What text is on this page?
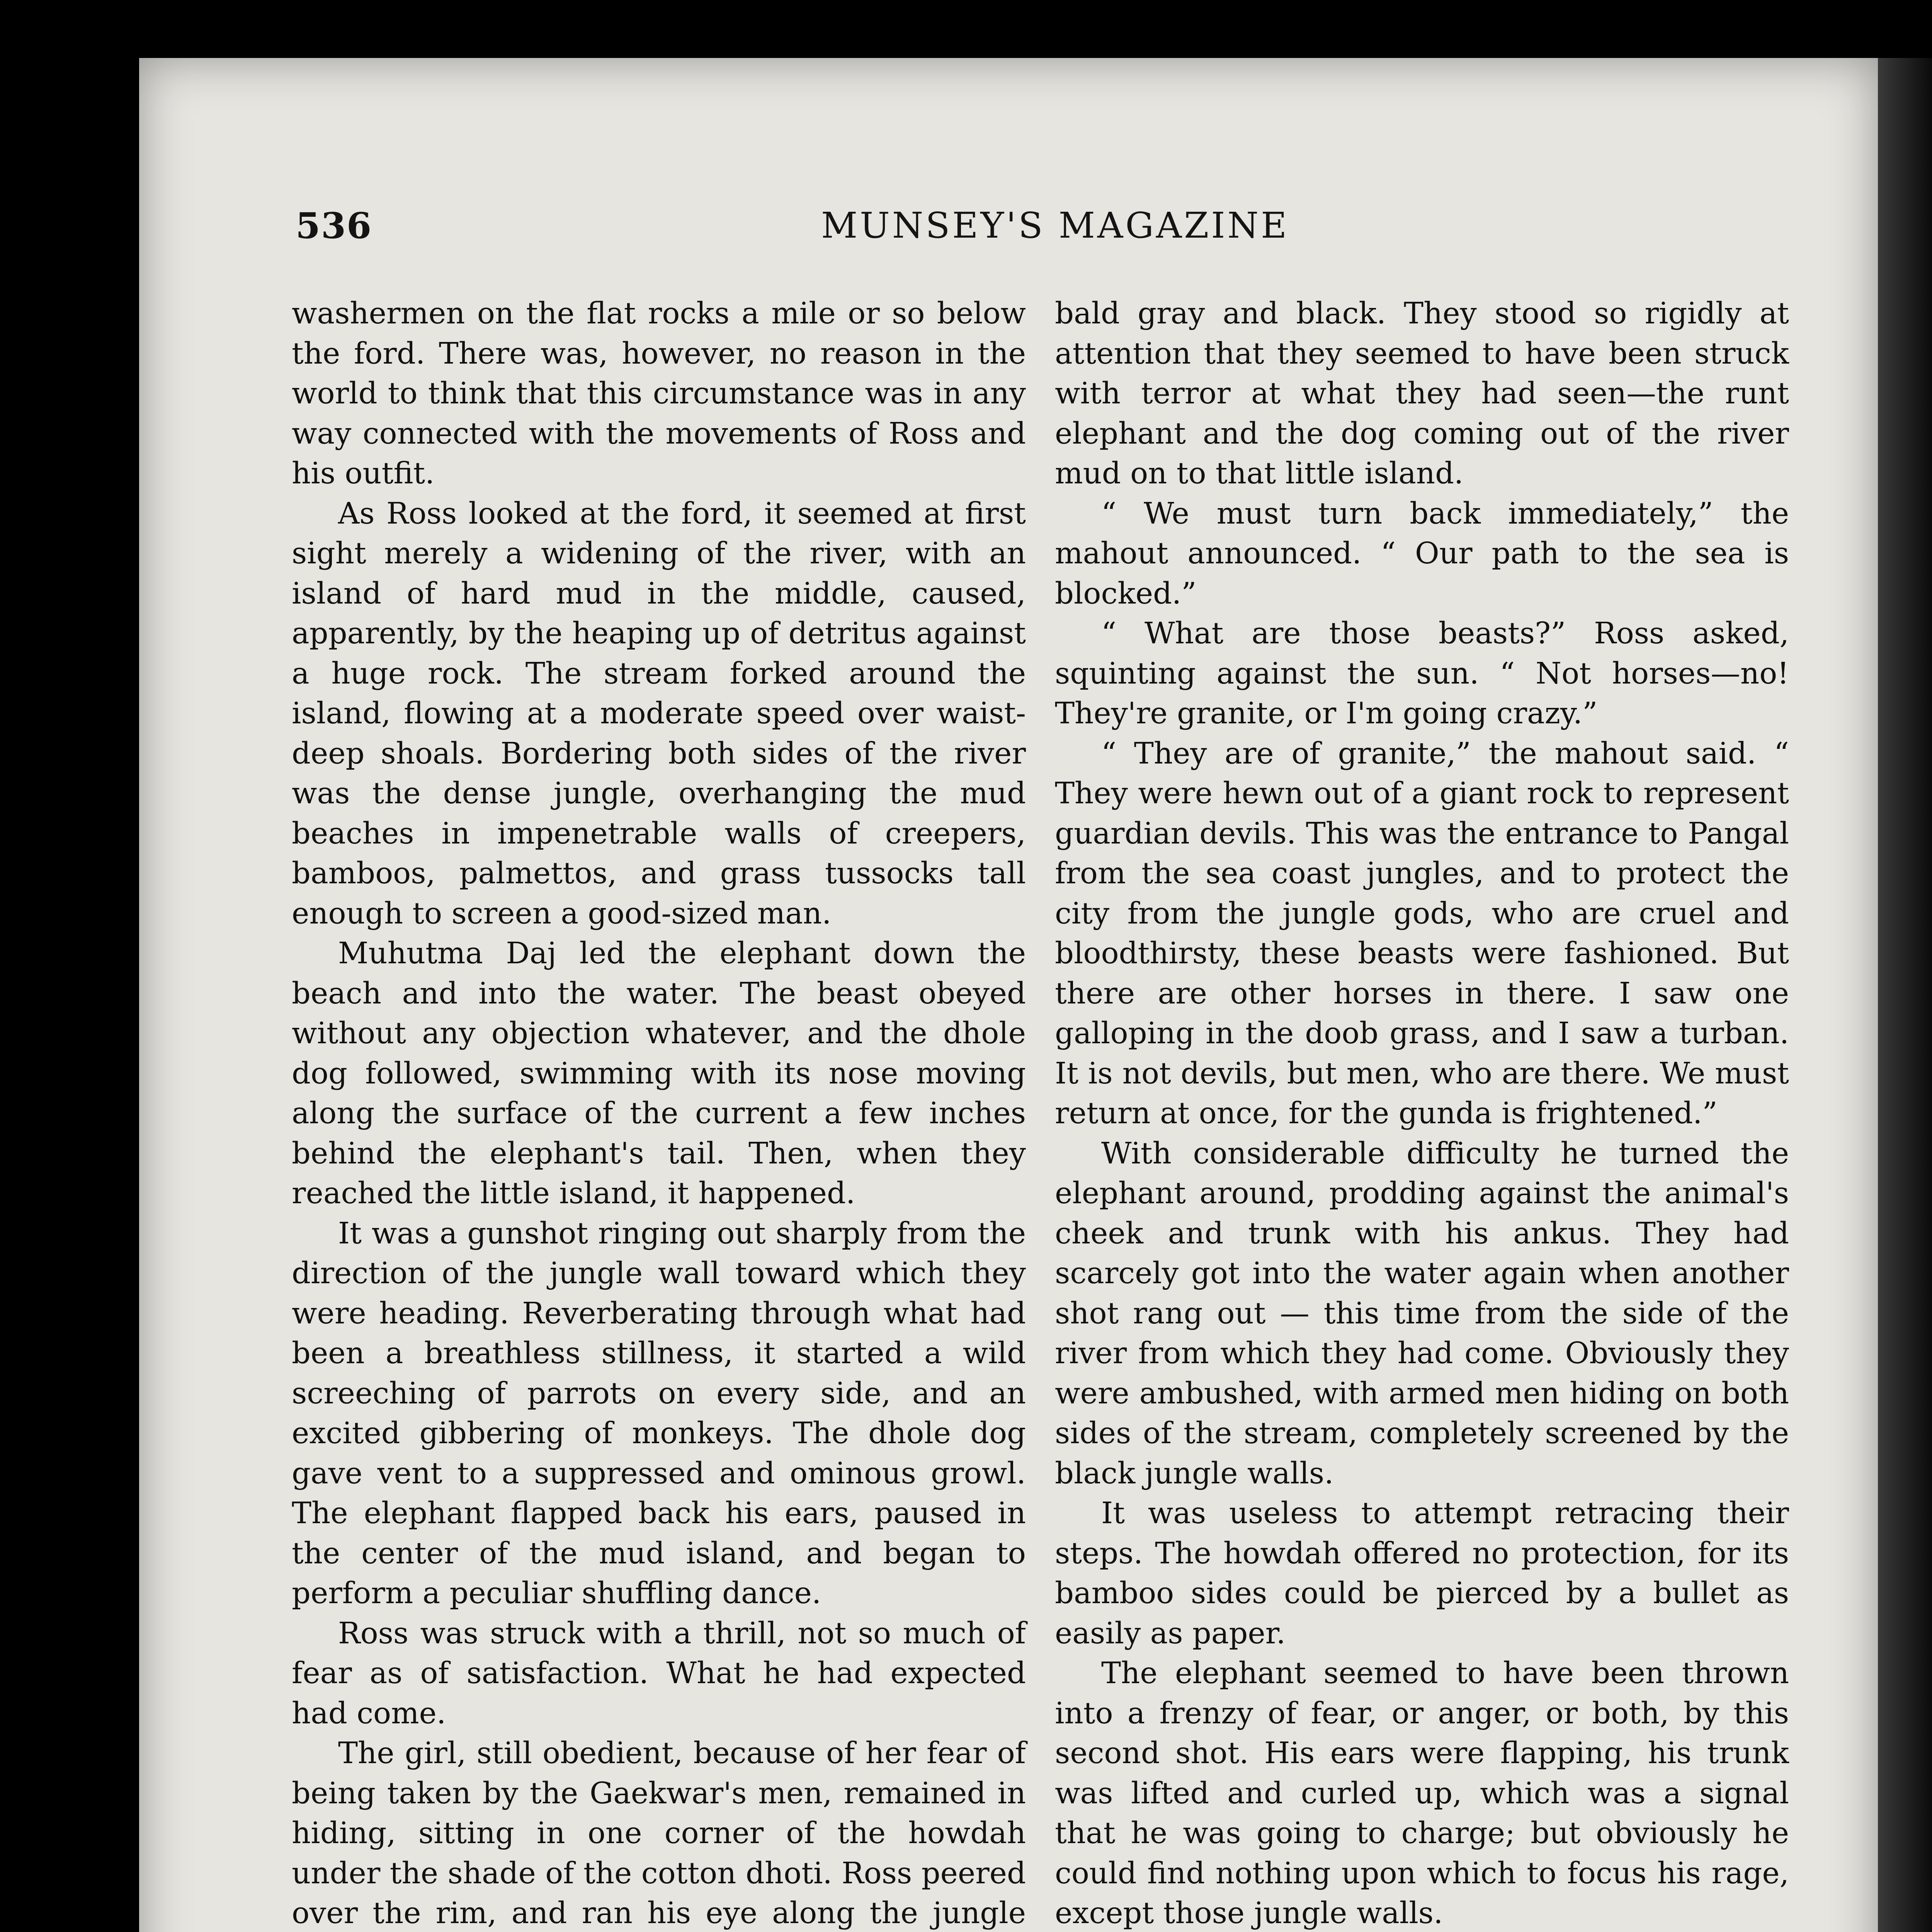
536	MUNSEY'S MAGAZINE

washermen on the flat rocks a mile or so below the ford. There was, however, no reason in the world to think that this circumstance was in any way connected with the movements of Ross and his outfit.

As Ross looked at the ford, it seemed at first sight merely a widening of the river, with an island of hard mud in the middle, caused, apparently, by the heaping up of detritus against a huge rock. The stream forked around the island, flowing at a moderate speed over waist-deep shoals. Bordering both sides of the river was the dense jungle, overhanging the mud beaches in impenetrable walls of creepers, bamboos, palmettos, and grass tussocks tall enough to screen a good-sized man.

Muhutma Daj led the elephant down the beach and into the water. The beast obeyed without any objection whatever, and the dhole dog followed, swimming with its nose moving along the surface of the current a few inches behind the elephant's tail. Then, when they reached the little island, it happened.

It was a gunshot ringing out sharply from the direction of the jungle wall toward which they were heading. Reverberating through what had been a breathless stillness, it started a wild screeching of parrots on every side, and an excited gibbering of monkeys. The dhole dog gave vent to a suppressed and ominous growl. The elephant flapped back his ears, paused in the center of the mud island, and began to perform a peculiar shuffling dance.

Ross was struck with a thrill, not so much of fear as of satisfaction. What he had expected had come.

The girl, still obedient, because of her fear of being taken by the Gaekwar's men, remained in hiding, sitting in one corner of the howdah under the shade of the cotton dhoti. Ross peered over the rim, and ran his eye along the jungle

bald gray and black. They stood so rigidly at attention that they seemed to have been struck with terror at what they had seen—the runt elephant and the dog coming out of the river mud on to that little island.

“ We must turn back immediately,” the mahout announced. “ Our path to the sea is blocked.”

“ What are those beasts?” Ross asked, squinting against the sun. “ Not horses—no! They're granite, or I'm going crazy.”

“ They are of granite,” the mahout said. “ They were hewn out of a giant rock to represent guardian devils. This was the entrance to Pangal from the sea coast jungles, and to protect the city from the jungle gods, who are cruel and bloodthirsty, these beasts were fashioned. But there are other horses in there. I saw one galloping in the doob grass, and I saw a turban. It is not devils, but men, who are there. We must return at once, for the gunda is frightened.”

With considerable difficulty he turned the elephant around, prodding against the animal's cheek and trunk with his ankus. They had scarcely got into the water again when another shot rang out — this time from the side of the river from which they had come. Obviously they were ambushed, with armed men hiding on both sides of the stream, completely screened by the black jungle walls.

It was useless to attempt retracing their steps. The howdah offered no protection, for its bamboo sides could be pierced by a bullet as easily as paper.

The elephant seemed to have been thrown into a frenzy of fear, or anger, or both, by this second shot. His ears were flapping, his trunk was lifted and curled up, which was a signal that he was going to charge; but obviously he could find nothing upon which to focus his rage, except those jungle walls.
